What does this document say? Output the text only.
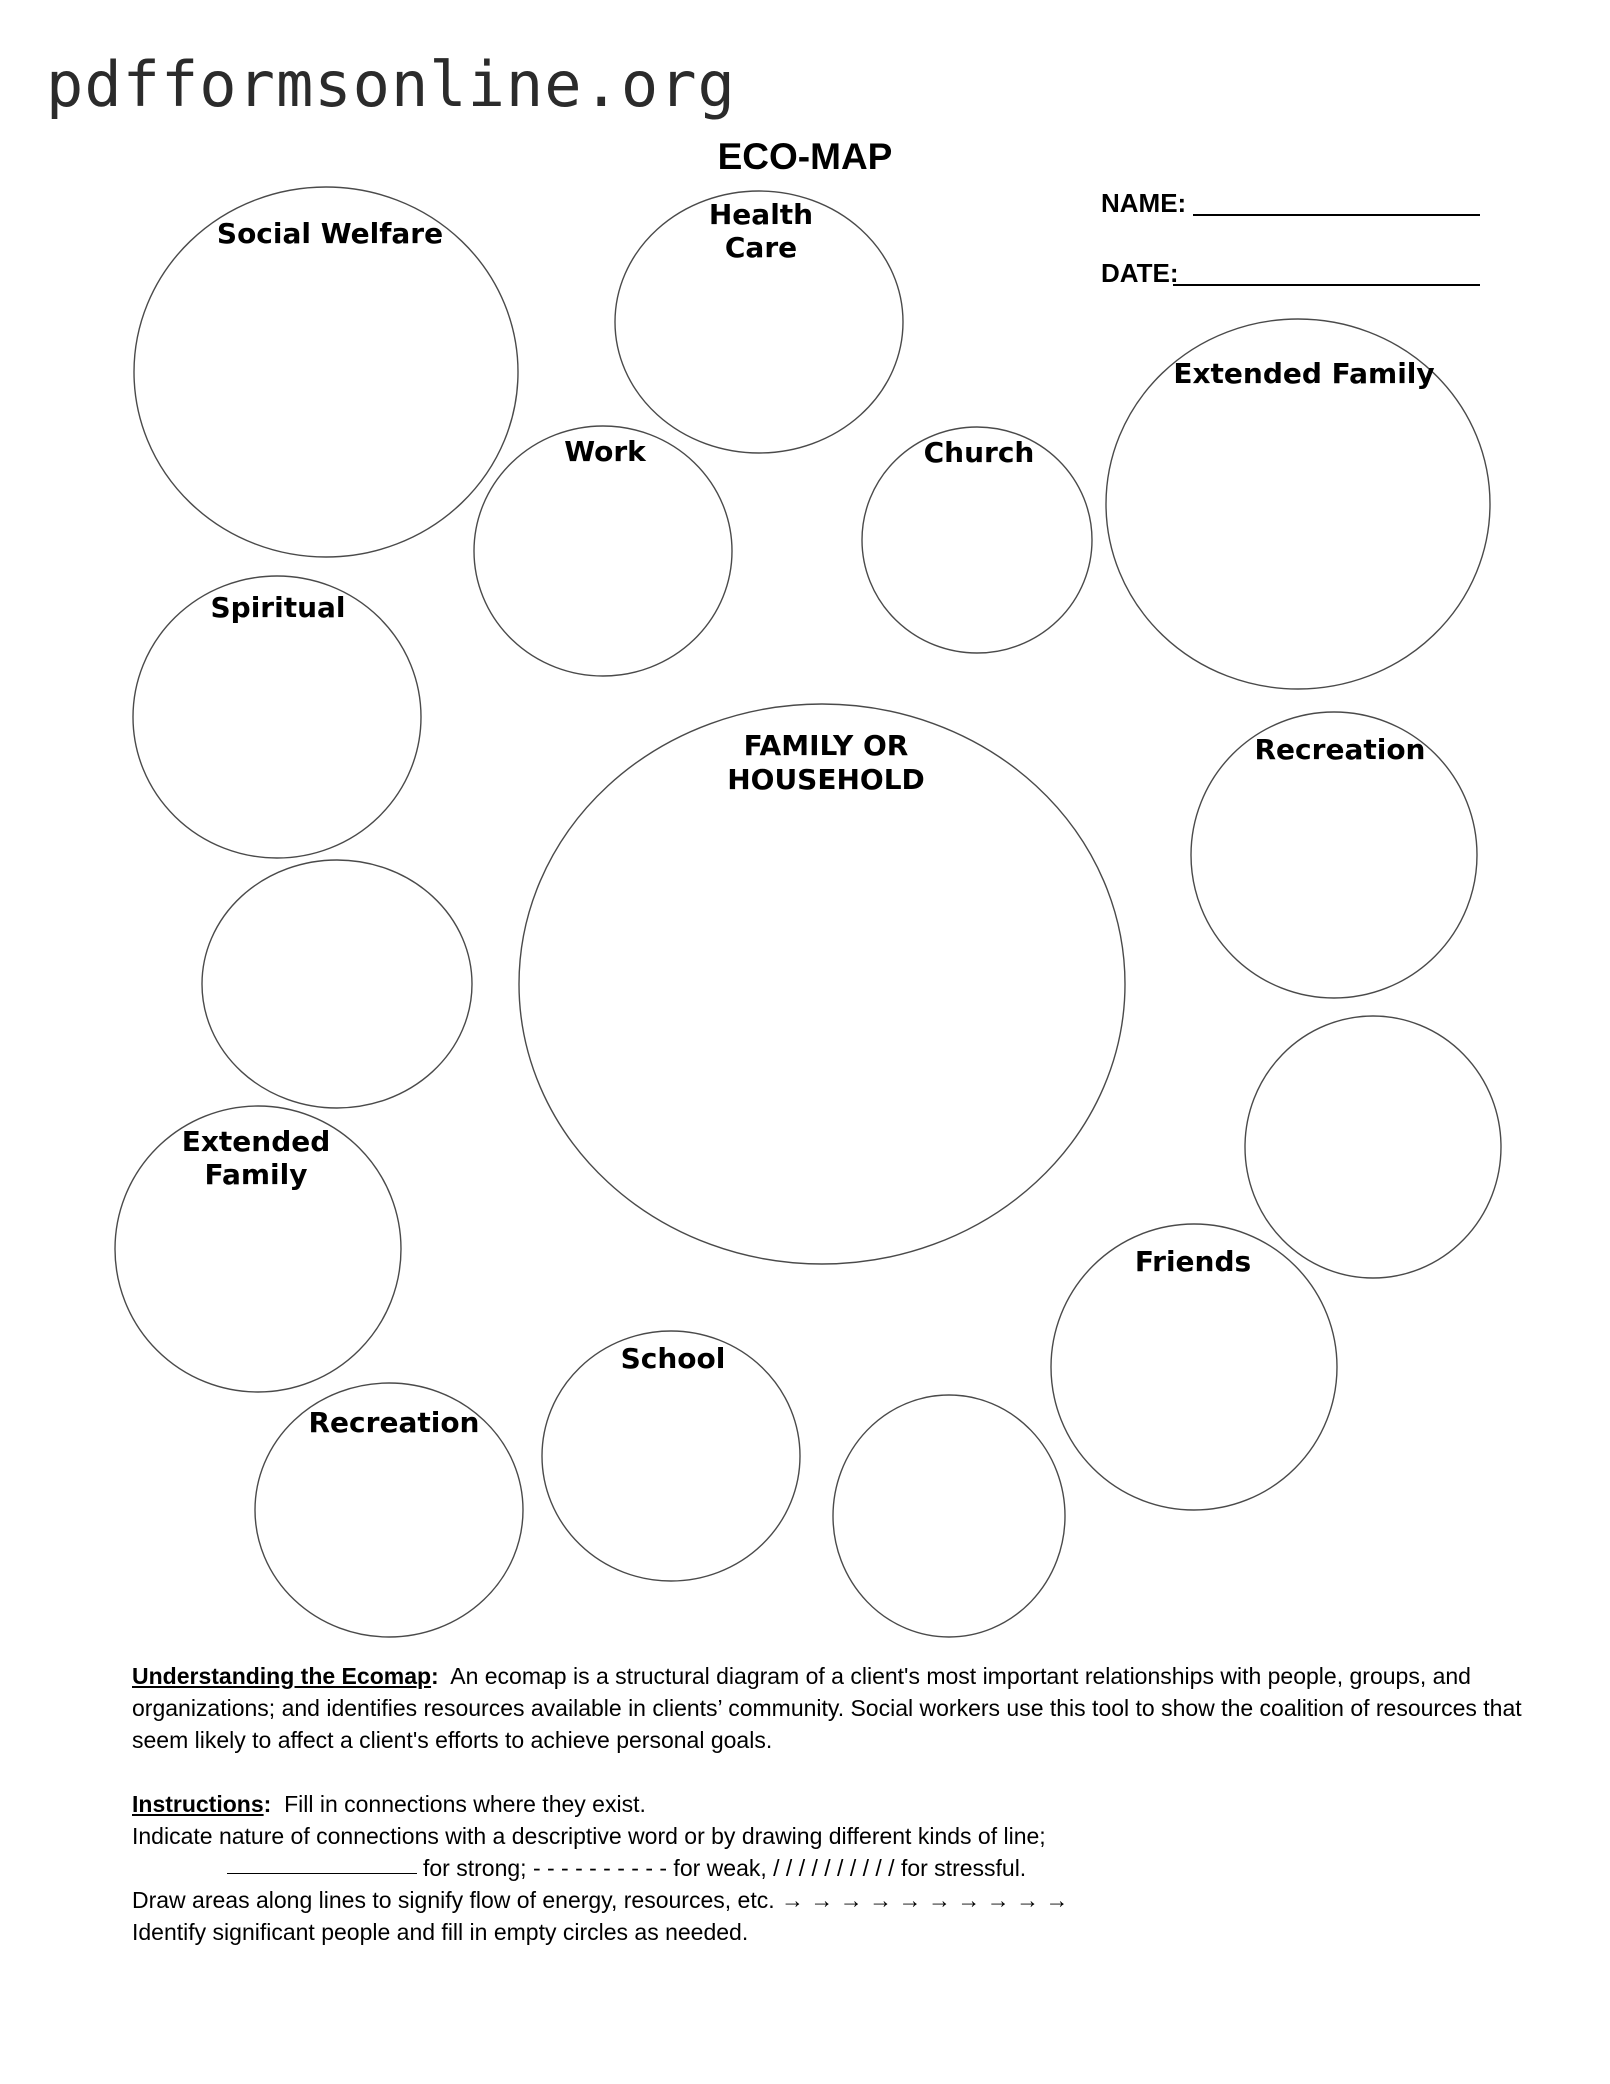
pdfformsonline.org
ECO-MAP
NAME:
DATE:
Social Welfare
Health
Care
Extended Family
Work	Church
Spiritual
FAMILY OR
HOUSEHOLD
Recreation
Extended
Family
Friends
School
Recreation

Understanding the Ecomap: An ecomap is a structural diagram of a client's most important relationships with people, groups, and organizations; and identifies resources available in clients’ community. Social workers use this tool to show the coalition of resources that seem likely to affect a client's efforts to achieve personal goals.

Instructions: Fill in connections where they exist.

Indicate nature of connections with a descriptive word or by drawing different kinds of line;

for strong; - - - - - - - - - - for weak, / / / / / / / / / / for stressful.

Draw areas along lines to signify flow of energy, resources, etc. → → → → → → → → → →

Identify significant people and fill in empty circles as needed.
